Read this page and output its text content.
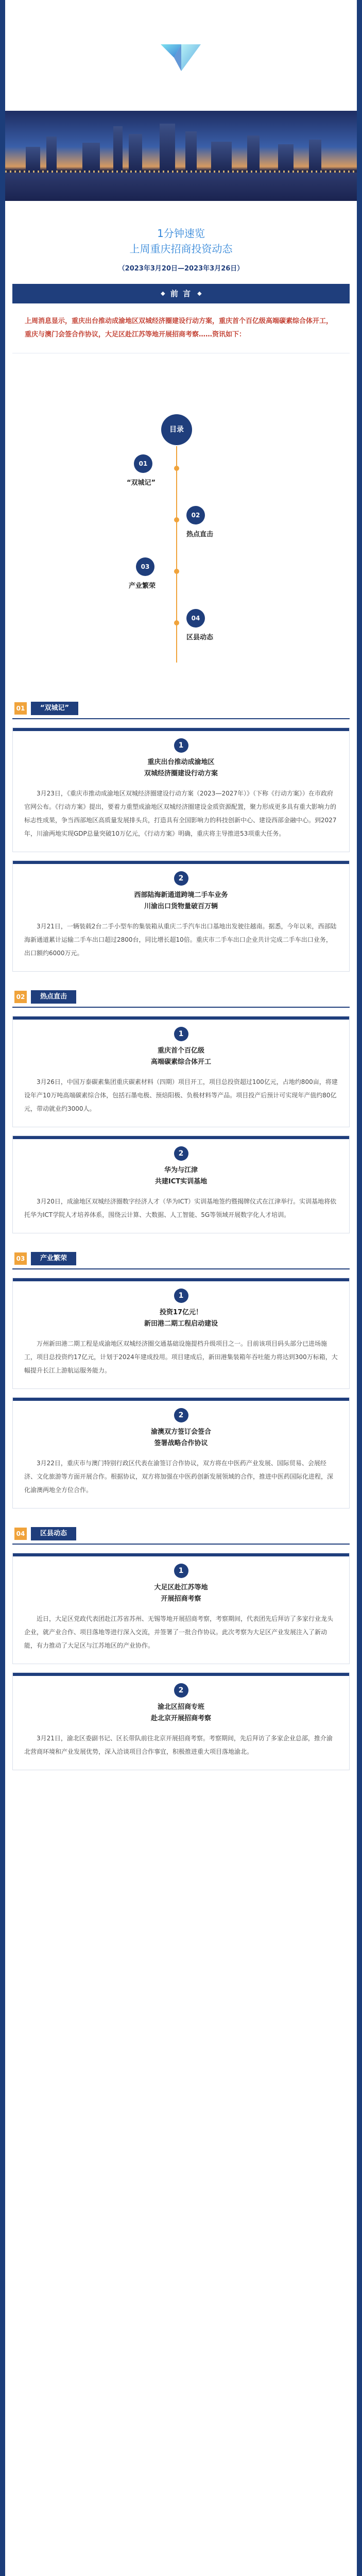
1分钟速览
上周重庆招商投资动态
（2023年3月20日—2023年3月26日）
前 言
上周消息显示，重庆出台推动成渝地区双城经济圈建设行动方案，重庆首个百亿级高端碳素综合体开工，重庆与澳门会签合作协议，大足区赴江苏等地开展招商考察……资讯如下：
目录
01
“双城记”
02
热点直击
03
产业繁荣
04
区县动态
01	“双城记”
1
重庆出台推动成渝地区
双城经济圈建设行动方案
3月23日，《重庆市推动成渝地区双城经济圈建设行动方案（2023—2027年）》（下称《行动方案》）在市政府官网公布。《行动方案》提出，要着力重塑成渝地区双城经济圈建设金质资源配置，聚力形成更多具有重大影响力的标志性成果，争当西部地区高质量发展排头兵，打造具有全国影响力的科技创新中心、建设西部金融中心。到2027年，川渝两地实现GDP总量突破10万亿元，《行动方案》明确，重庆将主导推进53项重大任务。
2
西部陆海新通道跨境二手车业务
川渝出口货物量破百万辆
3月21日，一辆装载2台二手小型车的集装箱从重庆二手汽车出口基地出发驶往越南。据悉，今年以来，西部陆海新通道累计运输二手车出口超过2800台，同比增长超10倍。重庆市二手车出口企业共计完成二手车出口业务，出口额约6000万元。
02	热点直击
1
重庆首个百亿级
高端碳素综合体开工
3月26日，中国万泰碳素集团重庆碳素材料（四期）项目开工，项目总投资超过100亿元，占地约800亩，将建设年产10万吨高端碳素综合体，包括石墨电极、预焙阳极、负极材料等产品。项目投产后预计可实现年产值约80亿元，带动就业约3000人。
2
华为与江津
共建ICT实训基地
3月20日，成渝地区双城经济圈数字经济人才（华为ICT）实训基地签约暨揭牌仪式在江津举行。实训基地将依托华为ICT学院人才培养体系，围绕云计算、大数据、人工智能、5G等领域开展数字化人才培训。
03	产业繁荣
1
投资17亿元！
新田港二期工程启动建设
万州新田港二期工程是成渝地区双城经济圈交通基础设施提档升级项目之一。目前该项目码头部分已进场施工，项目总投资约17亿元，计划于2024年建成投用。项目建成后，新田港集装箱年吞吐能力将达到300万标箱，大幅提升长江上游航运服务能力。
2
渝澳双方签订会签合
签署战略合作协议
3月22日，重庆市与澳门特别行政区代表在渝签订合作协议，双方将在中医药产业发展、国际贸易、会展经济、文化旅游等方面开展合作。根据协议，双方将加强在中医药创新发展领域的合作，推进中医药国际化进程，深化渝澳两地全方位合作。
04	区县动态
1
大足区赴江苏等地
开展招商考察
近日，大足区党政代表团赴江苏省苏州、无锡等地开展招商考察，考察期间，代表团先后拜访了多家行业龙头企业，就产业合作、项目落地等进行深入交流，并签署了一批合作协议。此次考察为大足区产业发展注入了新动能，有力推动了大足区与江苏地区的产业协作。
2
渝北区招商专班
赴北京开展招商考察
3月21日，渝北区委副书记、区长带队前往北京开展招商考察。考察期间，先后拜访了多家企业总部，推介渝北营商环境和产业发展优势，深入洽谈项目合作事宜，积极推进重大项目落地渝北。
